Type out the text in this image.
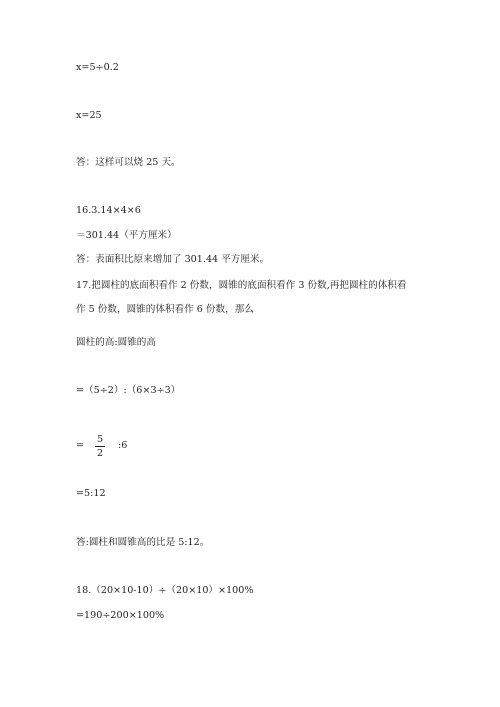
x=5÷0.2
x=25
答：这样可以烧 25 天。
16.3.14×4×6
＝301.44（平方厘米）
答：表面积比原来增加了 301.44 平方厘米。
17.把圆柱的底面积看作 2 份数，圆锥的底面积看作 3 份数,再把圆柱的体积看
作 5 份数，圆锥的体积看作 6 份数，那么
圆柱的高:圆锥的高
=（5÷2）:（6×3÷3）
=
5
2
:6
=5:12
答:圆柱和圆锥高的比是 5:12。
18.（20×10-10）÷（20×10）×100%
=190÷200×100%
